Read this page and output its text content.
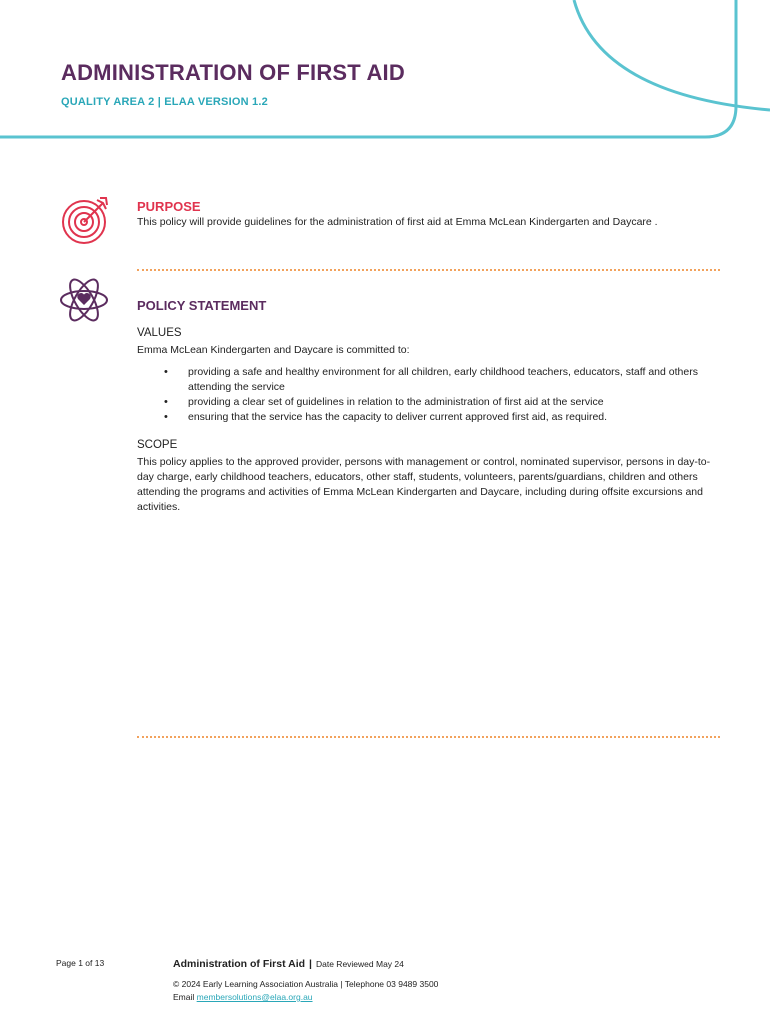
ADMINISTRATION OF FIRST AID
QUALITY AREA 2 | ELAA VERSION 1.2
PURPOSE
This policy will provide guidelines for the administration of first aid at Emma McLean Kindergarten and Daycare .
POLICY STATEMENT
VALUES
Emma McLean Kindergarten and Daycare is committed to:
• providing a safe and healthy environment for all children, early childhood teachers, educators, staff and others attending the service
• providing a clear set of guidelines in relation to the administration of first aid at the service
• ensuring that the service has the capacity to deliver current approved first aid, as required.
SCOPE
This policy applies to the approved provider, persons with management or control, nominated supervisor, persons in day-to-day charge, early childhood teachers, educators, other staff, students, volunteers, parents/guardians, children and others attending the programs and activities of Emma McLean Kindergarten and Daycare, including during offsite excursions and activities.
Page 1 of 13	Administration of First Aid | Date Reviewed May 24
© 2024 Early Learning Association Australia | Telephone 03 9489 3500
Email membersolutions@elaa.org.au
